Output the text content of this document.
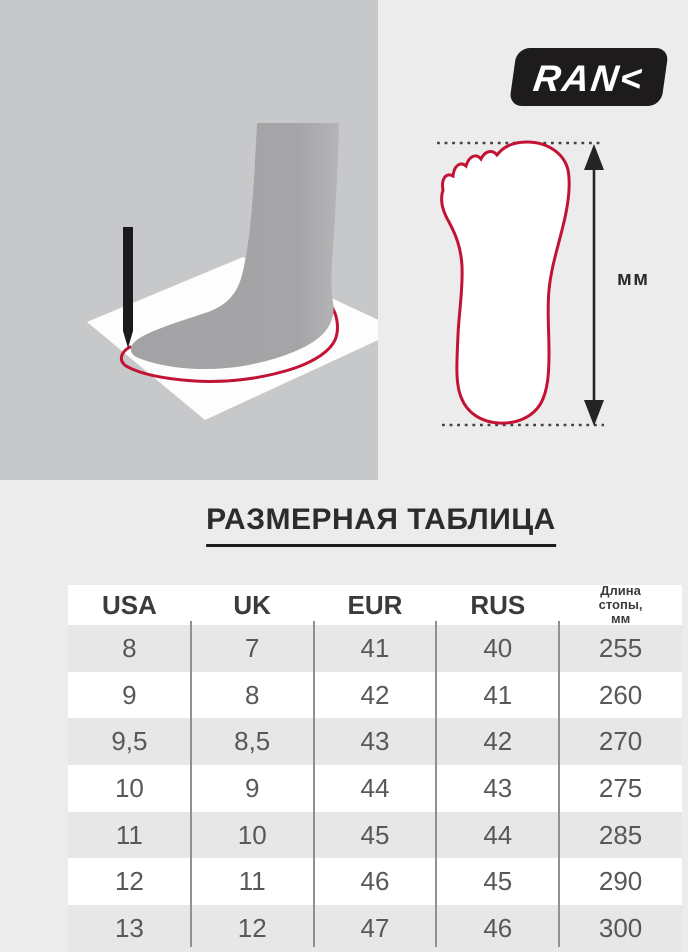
RAN<
мм
РАЗМЕРНАЯ ТАБЛИЦА
USA	UK	EUR	RUS	Длина
стопы,
мм
8	7	41	40	255
9	8	42	41	260
9,5	8,5	43	42	270
10	9	44	43	275
11	10	45	44	285
12	11	46	45	290
13	12	47	46	300
